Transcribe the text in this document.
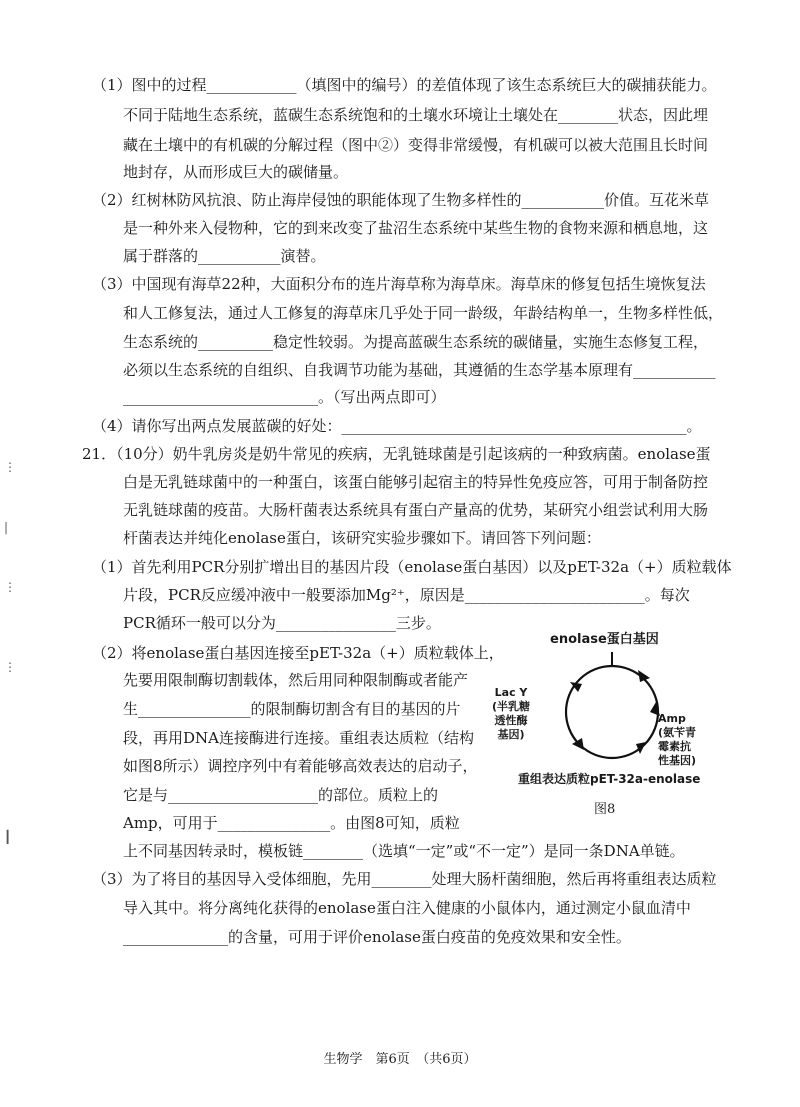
（1）图中的过程____________（填图中的编号）的差值体现了该生态系统巨大的碳捕获能力。
不同于陆地生态系统，蓝碳生态系统饱和的土壤水环境让土壤处在________状态，因此埋
藏在土壤中的有机碳的分解过程（图中②）变得非常缓慢，有机碳可以被大范围且长时间
地封存，从而形成巨大的碳储量。
（2）红树林防风抗浪、防止海岸侵蚀的职能体现了生物多样性的___________价值。互花米草
是一种外来入侵物种，它的到来改变了盐沼生态系统中某些生物的食物来源和栖息地，这
属于群落的___________演替。
（3）中国现有海草22种，大面积分布的连片海草称为海草床。海草床的修复包括生境恢复法
和人工修复法，通过人工修复的海草床几乎处于同一龄级，年龄结构单一，生物多样性低，
生态系统的__________稳定性较弱。为提高蓝碳生态系统的碳储量，实施生态修复工程，
必须以生态系统的自组织、自我调节功能为基础，其遵循的生态学基本原理有___________
__________________________。（写出两点即可）
（4）请你写出两点发展蓝碳的好处：______________________________________________。
21．（10分）奶牛乳房炎是奶牛常见的疾病，无乳链球菌是引起该病的一种致病菌。enolase蛋
白是无乳链球菌中的一种蛋白，该蛋白能够引起宿主的特异性免疫应答，可用于制备防控
无乳链球菌的疫苗。大肠杆菌表达系统具有蛋白产量高的优势，某研究小组尝试利用大肠
杆菌表达并纯化enolase蛋白，该研究实验步骤如下。请回答下列问题：
（1）首先利用PCR分别扩增出目的基因片段（enolase蛋白基因）以及pET-32a（+）质粒载体
片段，PCR反应缓冲液中一般要添加Mg²⁺，原因是________________________。每次
PCR循环一般可以分为________________三步。
（2）将enolase蛋白基因连接至pET-32a（+）质粒载体上，
先要用限制酶切割载体，然后用同种限制酶或者能产
生_______________的限制酶切割含有目的基因的片
段，再用DNA连接酶进行连接。重组表达质粒（结构
如图8所示）调控序列中有着能够高效表达的启动子，
它是与____________________的部位。质粒上的
Amp，可用于_______________。由图8可知，质粒
上不同基因转录时，模板链________（选填“一定”或“不一定”）是同一条DNA单链。
（3）为了将目的基因导入受体细胞，先用________处理大肠杆菌细胞，然后再将重组表达质粒
导入其中。将分离纯化获得的enolase蛋白注入健康的小鼠体内，通过测定小鼠血清中
______________的含量，可用于评价enolase蛋白疫苗的免疫效果和安全性。
enolase蛋白基因
Lac Y
(半乳糖
透性酶
基因)
Amp
(氨苄青
霉素抗
性基因)
重组表达质粒pET-32a-enolase
图8
⋮
|
⋮
⋮
┃
生物学　第6页　（共6页）
